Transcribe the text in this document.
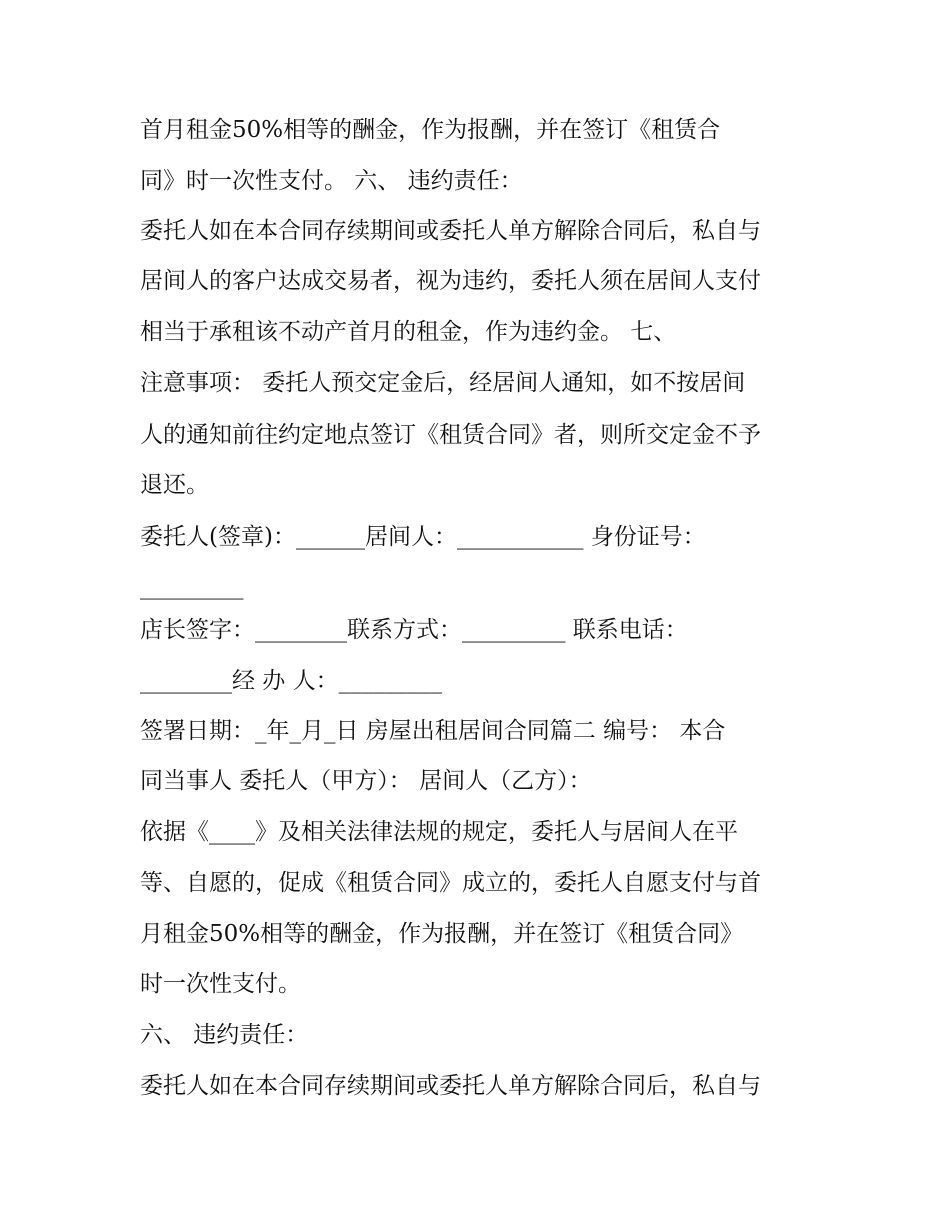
首月租金50%相等的酬金，作为报酬，并在签订《租赁合
同》时一次性支付。 六、 违约责任：
委托人如在本合同存续期间或委托人单方解除合同后，私自与
居间人的客户达成交易者，视为违约，委托人须在居间人支付
相当于承租该不动产首月的租金，作为违约金。 七、
注意事项： 委托人预交定金后，经居间人通知，如不按居间
人的通知前往约定地点签订《租赁合同》者，则所交定金不予
退还。
委托人(签章)：______居间人：___________ 身份证号：
_________
店长签字：________联系方式：_________ 联系电话：
________经 办 人：_________
签署日期：_年_月_日 房屋出租居间合同篇二 编号： 本合
同当事人 委托人（甲方）： 居间人（乙方）：
依据《____》及相关法律法规的规定，委托人与居间人在平
等、自愿的，促成《租赁合同》成立的，委托人自愿支付与首
月租金50%相等的酬金，作为报酬，并在签订《租赁合同》
时一次性支付。
六、 违约责任：
委托人如在本合同存续期间或委托人单方解除合同后，私自与
